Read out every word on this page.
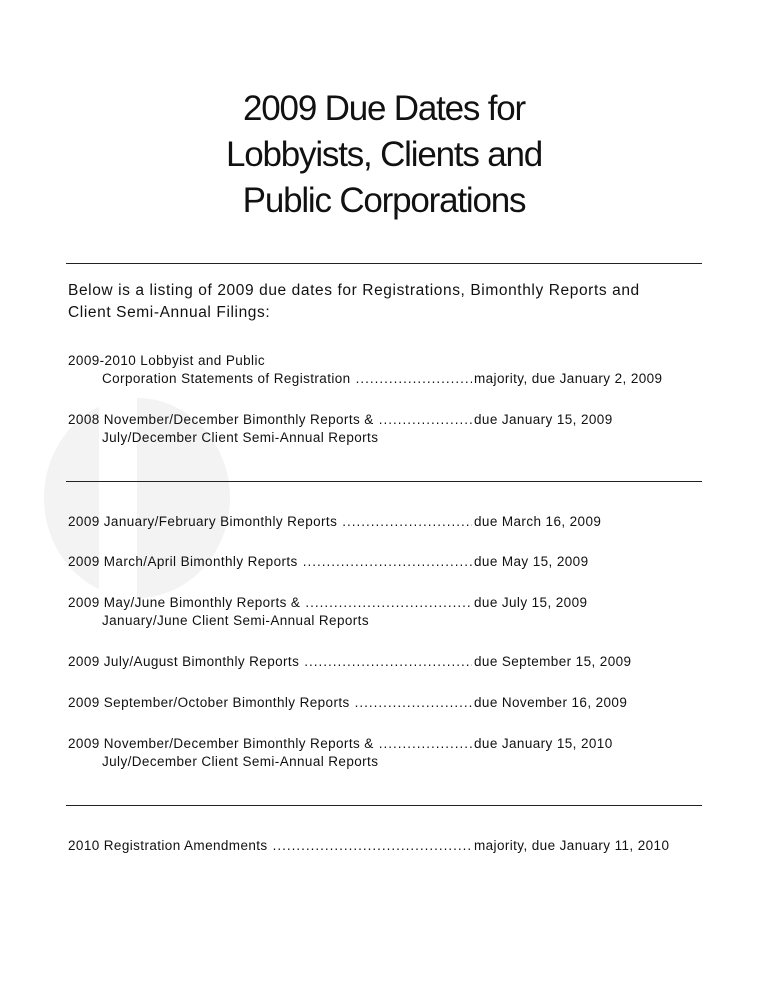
2009 Due Dates for
Lobbyists, Clients and
Public Corporations
Below is a listing of 2009 due dates for Registrations, Bimonthly Reports and
Client Semi-Annual Filings:
2009-2010 Lobbyist and Public
Corporation Statements of Registration .....	majority, due January 2, 2009
2008 November/December Bimonthly Reports & .....	due January 15, 2009
July/December Client Semi-Annual Reports
2009 January/February Bimonthly Reports .....	due March 16, 2009
2009 March/April Bimonthly Reports .....	due May 15, 2009
2009 May/June Bimonthly Reports & .....	due July 15, 2009
January/June Client Semi-Annual Reports
2009 July/August Bimonthly Reports .....	due September 15, 2009
2009 September/October Bimonthly Reports .....	due November 16, 2009
2009 November/December Bimonthly Reports & .....	due January 15, 2010
July/December Client Semi-Annual Reports
2010 Registration Amendments .....	majority, due January 11, 2010
